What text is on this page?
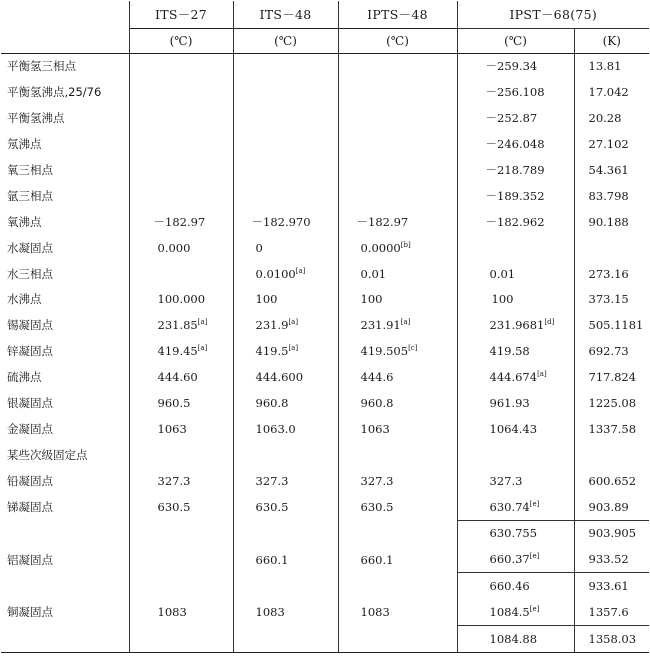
	ITS－27	ITS－48	IPTS－48	IPST－68(75)	
	(℃)	(℃)	(℃)	(℃)	(K)
平衡氢三相点				－259.34	13.81
平衡氢沸点,25/76				－256.108	17.042
平衡氢沸点				－252.87	20.28
氖沸点				－246.048	27.102
氧三相点				－218.789	54.361
氩三相点				－189.352	83.798
氧沸点	－182.97	－182.970	－182.97	－182.962	90.188
水凝固点	0.000	0	0.0000[b]		
水三相点		0.0100[a]	0.01	0.01	273.16
水沸点	100.000	100	100	100	373.15
锡凝固点	231.85[a]	231.9[a]	231.91[a]	231.9681[d]	505.1181
锌凝固点	419.45[a]	419.5[a]	419.505[c]	419.58	692.73
硫沸点	444.60	444.600	444.6	444.674[a]	717.824
银凝固点	960.5	960.8	960.8	961.93	1225.08
金凝固点	1063	1063.0	1063	1064.43	1337.58
某些次级固定点					
铅凝固点	327.3	327.3	327.3	327.3	600.652
锑凝固点	630.5	630.5	630.5	630.74[e]	903.89
				630.755	903.905
铝凝固点		660.1	660.1	660.37[e]	933.52
				660.46	933.61
铜凝固点	1083	1083	1083	1084.5[e]	1357.6
				1084.88	1358.03
